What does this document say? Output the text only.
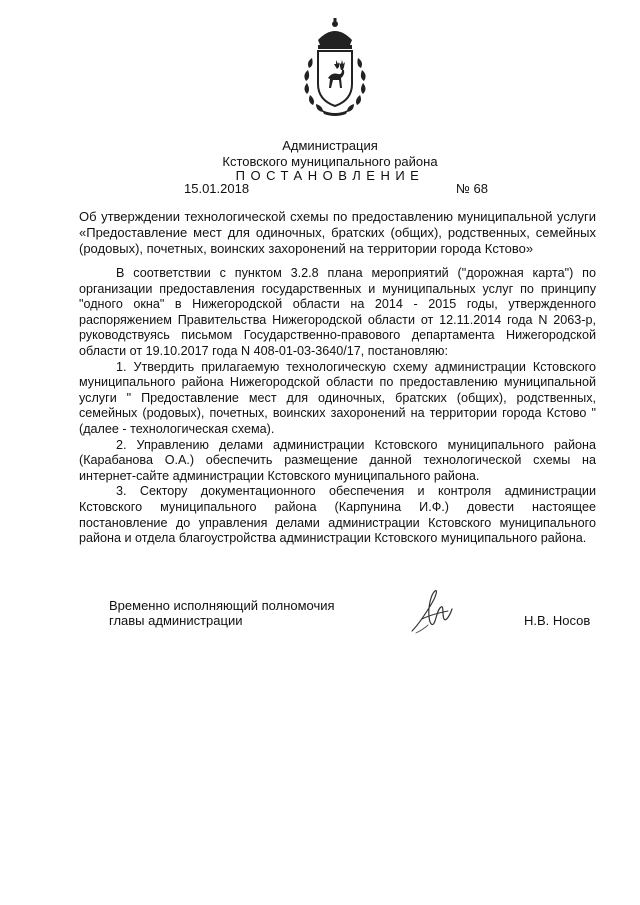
Администрация
Кстовского муниципального района
ПОСТАНОВЛЕНИЕ
15.01.2018	№ 68
Об утверждении технологической схемы по предоставлению муниципальной услуги «Предоставление мест для одиночных, братских (общих), родственных, семейных (родовых), почетных, воинских захоронений на территории города Кстово»

В соответствии с пунктом 3.2.8 плана мероприятий ("дорожная карта") по организации предоставления государственных и муниципальных услуг по принципу "одного окна" в Нижегородской области на 2014 - 2015 годы, утвержденного распоряжением Правительства Нижегородской области от 12.11.2014 года N 2063-р, руководствуясь письмом Государственно-правового департамента Нижегородской области от 19.10.2017 года N 408-01-03-3640/17, постановляю:

1. Утвердить прилагаемую технологическую схему администрации Кстовского муниципального района Нижегородской области по предоставлению муниципальной услуги " Предоставление мест для одиночных, братских (общих), родственных, семейных (родовых), почетных, воинских захоронений на территории города Кстово " (далее - технологическая схема).

2. Управлению делами администрации Кстовского муниципального района (Карабанова О.А.) обеспечить размещение данной технологической схемы на интернет-сайте администрации Кстовского муниципального района.

3. Сектору документационного обеспечения и контроля администрации Кстовского муниципального района (Карпунина И.Ф.) довести настоящее постановление до управления делами администрации Кстовского муниципального района и отдела благоустройства администрации Кстовского муниципального района.

Временно исполняющий полномочия
главы администрации	Н.В. Носов
